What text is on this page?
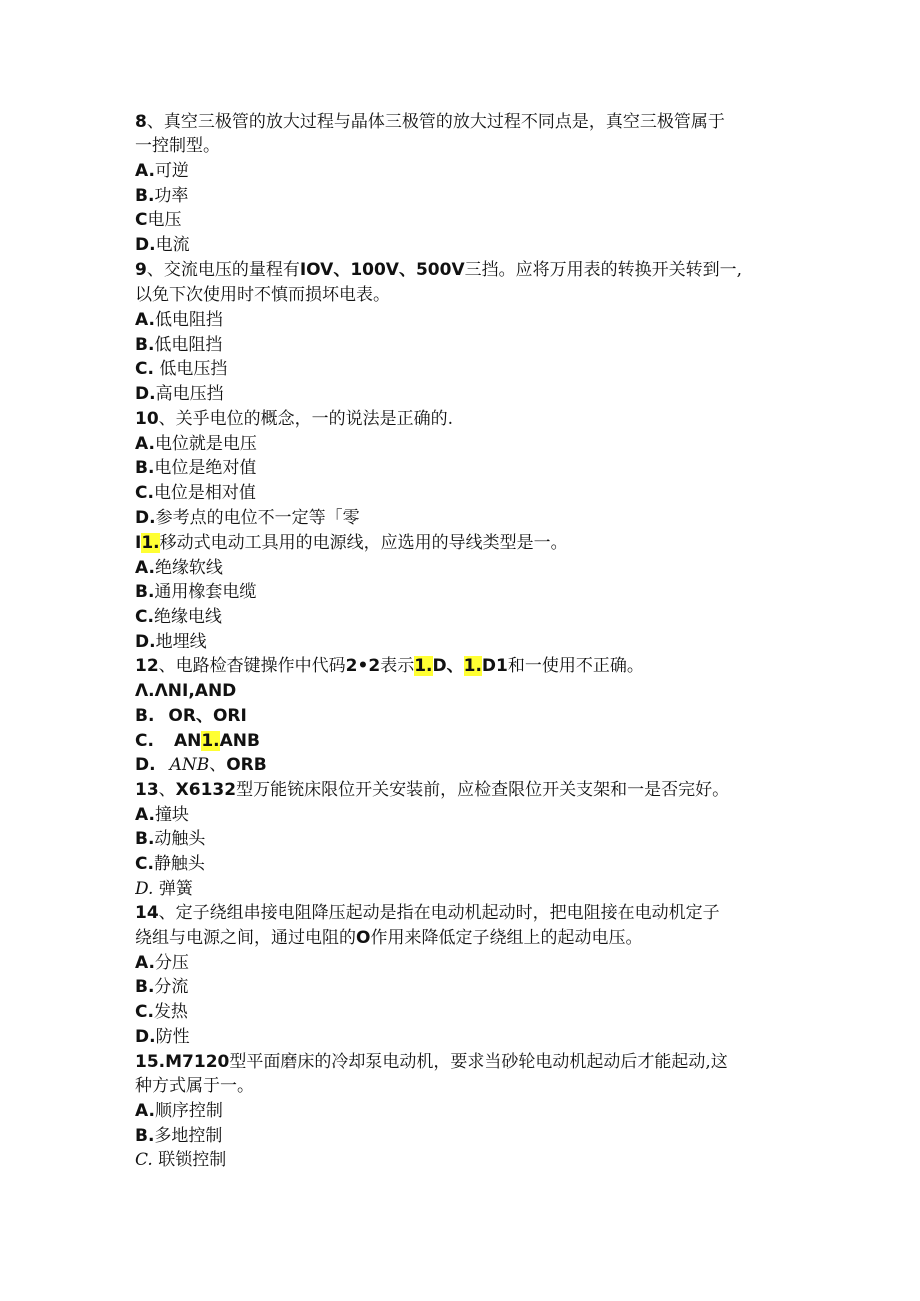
8、真空三极管的放大过程与晶体三极管的放大过程不同点是，真空三极管属于
一控制型。
A.可逆
B.功率
C电压
D.电流
9、交流电压的量程有IOV、100V、500V三挡。应将万用表的转换开关转到一,
以免下次使用时不慎而损坏电表。
A.低电阻挡
B.低电阻挡
C. 低电压挡
D.高电压挡
10、关乎电位的概念，一的说法是正确的.
A.电位就是电压
B.电位是绝对值
C.电位是相对值
D.参考点的电位不一定等「零
I1.移动式电动工具用的电源线，应选用的导线类型是一。
A.绝缘软线
B.通用橡套电缆
C.绝缘电线
D.地埋线
12、电路检杳键操作中代码2•2表示1.D、1.D1和一使用不正确。
Λ.ΛNI,AND
B. OR、ORI
C. AN1.ANB
D. ANB、ORB
13、X6132型万能铳床限位开关安装前，应检查限位开关支架和一是否完好。
A.撞块
B.动触头
C.静触头
D. 弹簧
14、定子绕组串接电阻降压起动是指在电动机起动时，把电阻接在电动机定子
绕组与电源之间，通过电阻的O作用来降低定子绕组上的起动电压。
A.分压
B.分流
C.发热
D.防性
15.M7120型平面磨床的冷却泵电动机，要求当砂轮电动机起动后才能起动,这
种方式属于一。
A.顺序控制
B.多地控制
C. 联锁控制
